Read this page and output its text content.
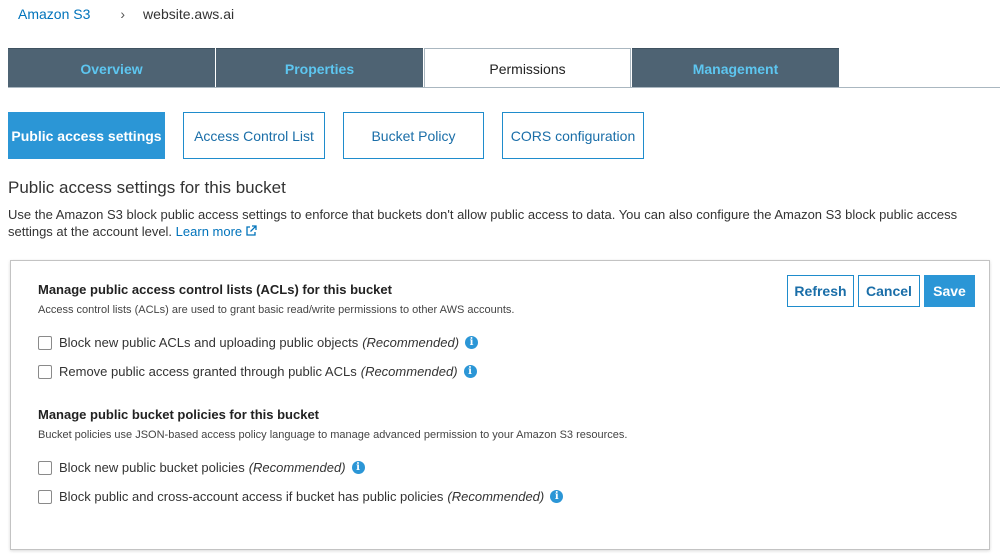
Amazon S3 › website.aws.ai
Overview	Properties	Permissions	Management
Public access settings	Access Control List	Bucket Policy	CORS configuration
Public access settings for this bucket
Use the Amazon S3 block public access settings to enforce that buckets don't allow public access to data. You can also configure the Amazon S3 block public access settings at the account level. Learn more
Refresh	Cancel	Save
Manage public access control lists (ACLs) for this bucket
Access control lists (ACLs) are used to grant basic read/write permissions to other AWS accounts.
Block new public ACLs and uploading public objects (Recommended)	i
Remove public access granted through public ACLs (Recommended)	i
Manage public bucket policies for this bucket
Bucket policies use JSON-based access policy language to manage advanced permission to your Amazon S3 resources.
Block new public bucket policies (Recommended)	i
Block public and cross-account access if bucket has public policies (Recommended)	i
